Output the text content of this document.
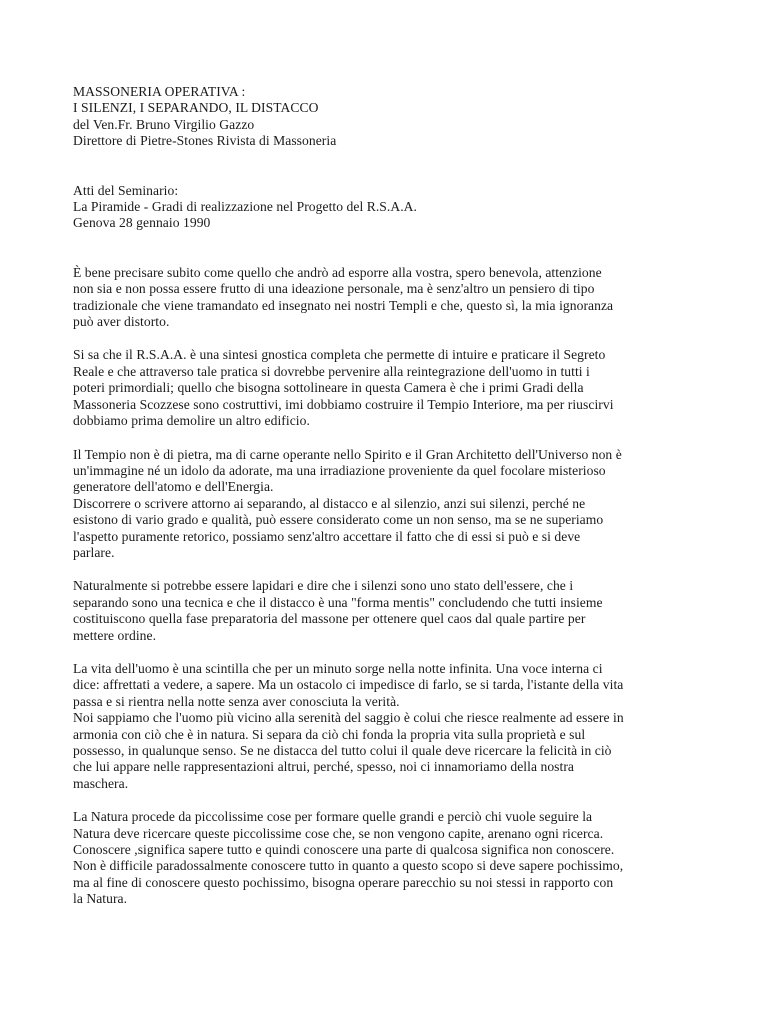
MASSONERIA OPERATIVA :
I SILENZI, I SEPARANDO, IL DISTACCO
del Ven.Fr. Bruno Virgilio Gazzo
Direttore di Pietre-Stones Rivista di Massoneria
Atti del Seminario:
La Piramide - Gradi di realizzazione nel Progetto del R.S.A.A.
Genova 28 gennaio 1990

È bene precisare subito come quello che andrò ad esporre alla vostra, spero benevola, attenzione
non sia e non possa essere frutto di una ideazione personale, ma è senz'altro un pensiero di tipo
tradizionale che viene tramandato ed insegnato nei nostri Templi e che, questo sì, la mia ignoranza
può aver distorto.

Si sa che il R.S.A.A. è una sintesi gnostica completa che permette di intuire e praticare il Segreto
Reale e che attraverso tale pratica si dovrebbe pervenire alla reintegrazione dell'uomo in tutti i
poteri primordiali; quello che bisogna sottolineare in questa Camera è che i primi Gradi della
Massoneria Scozzese sono costruttivi, imi dobbiamo costruire il Tempio Interiore, ma per riuscirvi
dobbiamo prima demolire un altro edificio.

Il Tempio non è di pietra, ma di carne operante nello Spirito e il Gran Architetto dell'Universo non è
un'immagine né un idolo da adorate, ma una irradiazione proveniente da quel focolare misterioso
generatore dell'atomo e dell'Energia.
Discorrere o scrivere attorno ai separando, al distacco e al silenzio, anzi sui silenzi, perché ne
esistono di vario grado e qualità, può essere considerato come un non senso, ma se ne superiamo
l'aspetto puramente retorico, possiamo senz'altro accettare il fatto che di essi si può e si deve
parlare.

Naturalmente si potrebbe essere lapidari e dire che i silenzi sono uno stato dell'essere, che i
separando sono una tecnica e che il distacco è una "forma mentis" concludendo che tutti insieme
costituiscono quella fase preparatoria del massone per ottenere quel caos dal quale partire per
mettere ordine.

La vita dell'uomo è una scintilla che per un minuto sorge nella notte infinita. Una voce interna ci
dice: affrettati a vedere, a sapere. Ma un ostacolo ci impedisce di farlo, se si tarda, l'istante della vita
passa e si rientra nella notte senza aver conosciuta la verità.
Noi sappiamo che l'uomo più vicino alla serenità del saggio è colui che riesce realmente ad essere in
armonia con ciò che è in natura. Si separa da ciò chi fonda la propria vita sulla proprietà e sul
possesso, in qualunque senso. Se ne distacca del tutto colui il quale deve ricercare la felicità in ciò
che lui appare nelle rappresentazioni altrui, perché, spesso, noi ci innamoriamo della nostra
maschera.

La Natura procede da piccolissime cose per formare quelle grandi e perciò chi vuole seguire la
Natura deve ricercare queste piccolissime cose che, se non vengono capite, arenano ogni ricerca.
Conoscere ,significa sapere tutto e quindi conoscere una parte di qualcosa significa non conoscere.
Non è difficile paradossalmente conoscere tutto in quanto a questo scopo si deve sapere pochissimo,
ma al fine di conoscere questo pochissimo, bisogna operare parecchio su noi stessi in rapporto con
la Natura.
